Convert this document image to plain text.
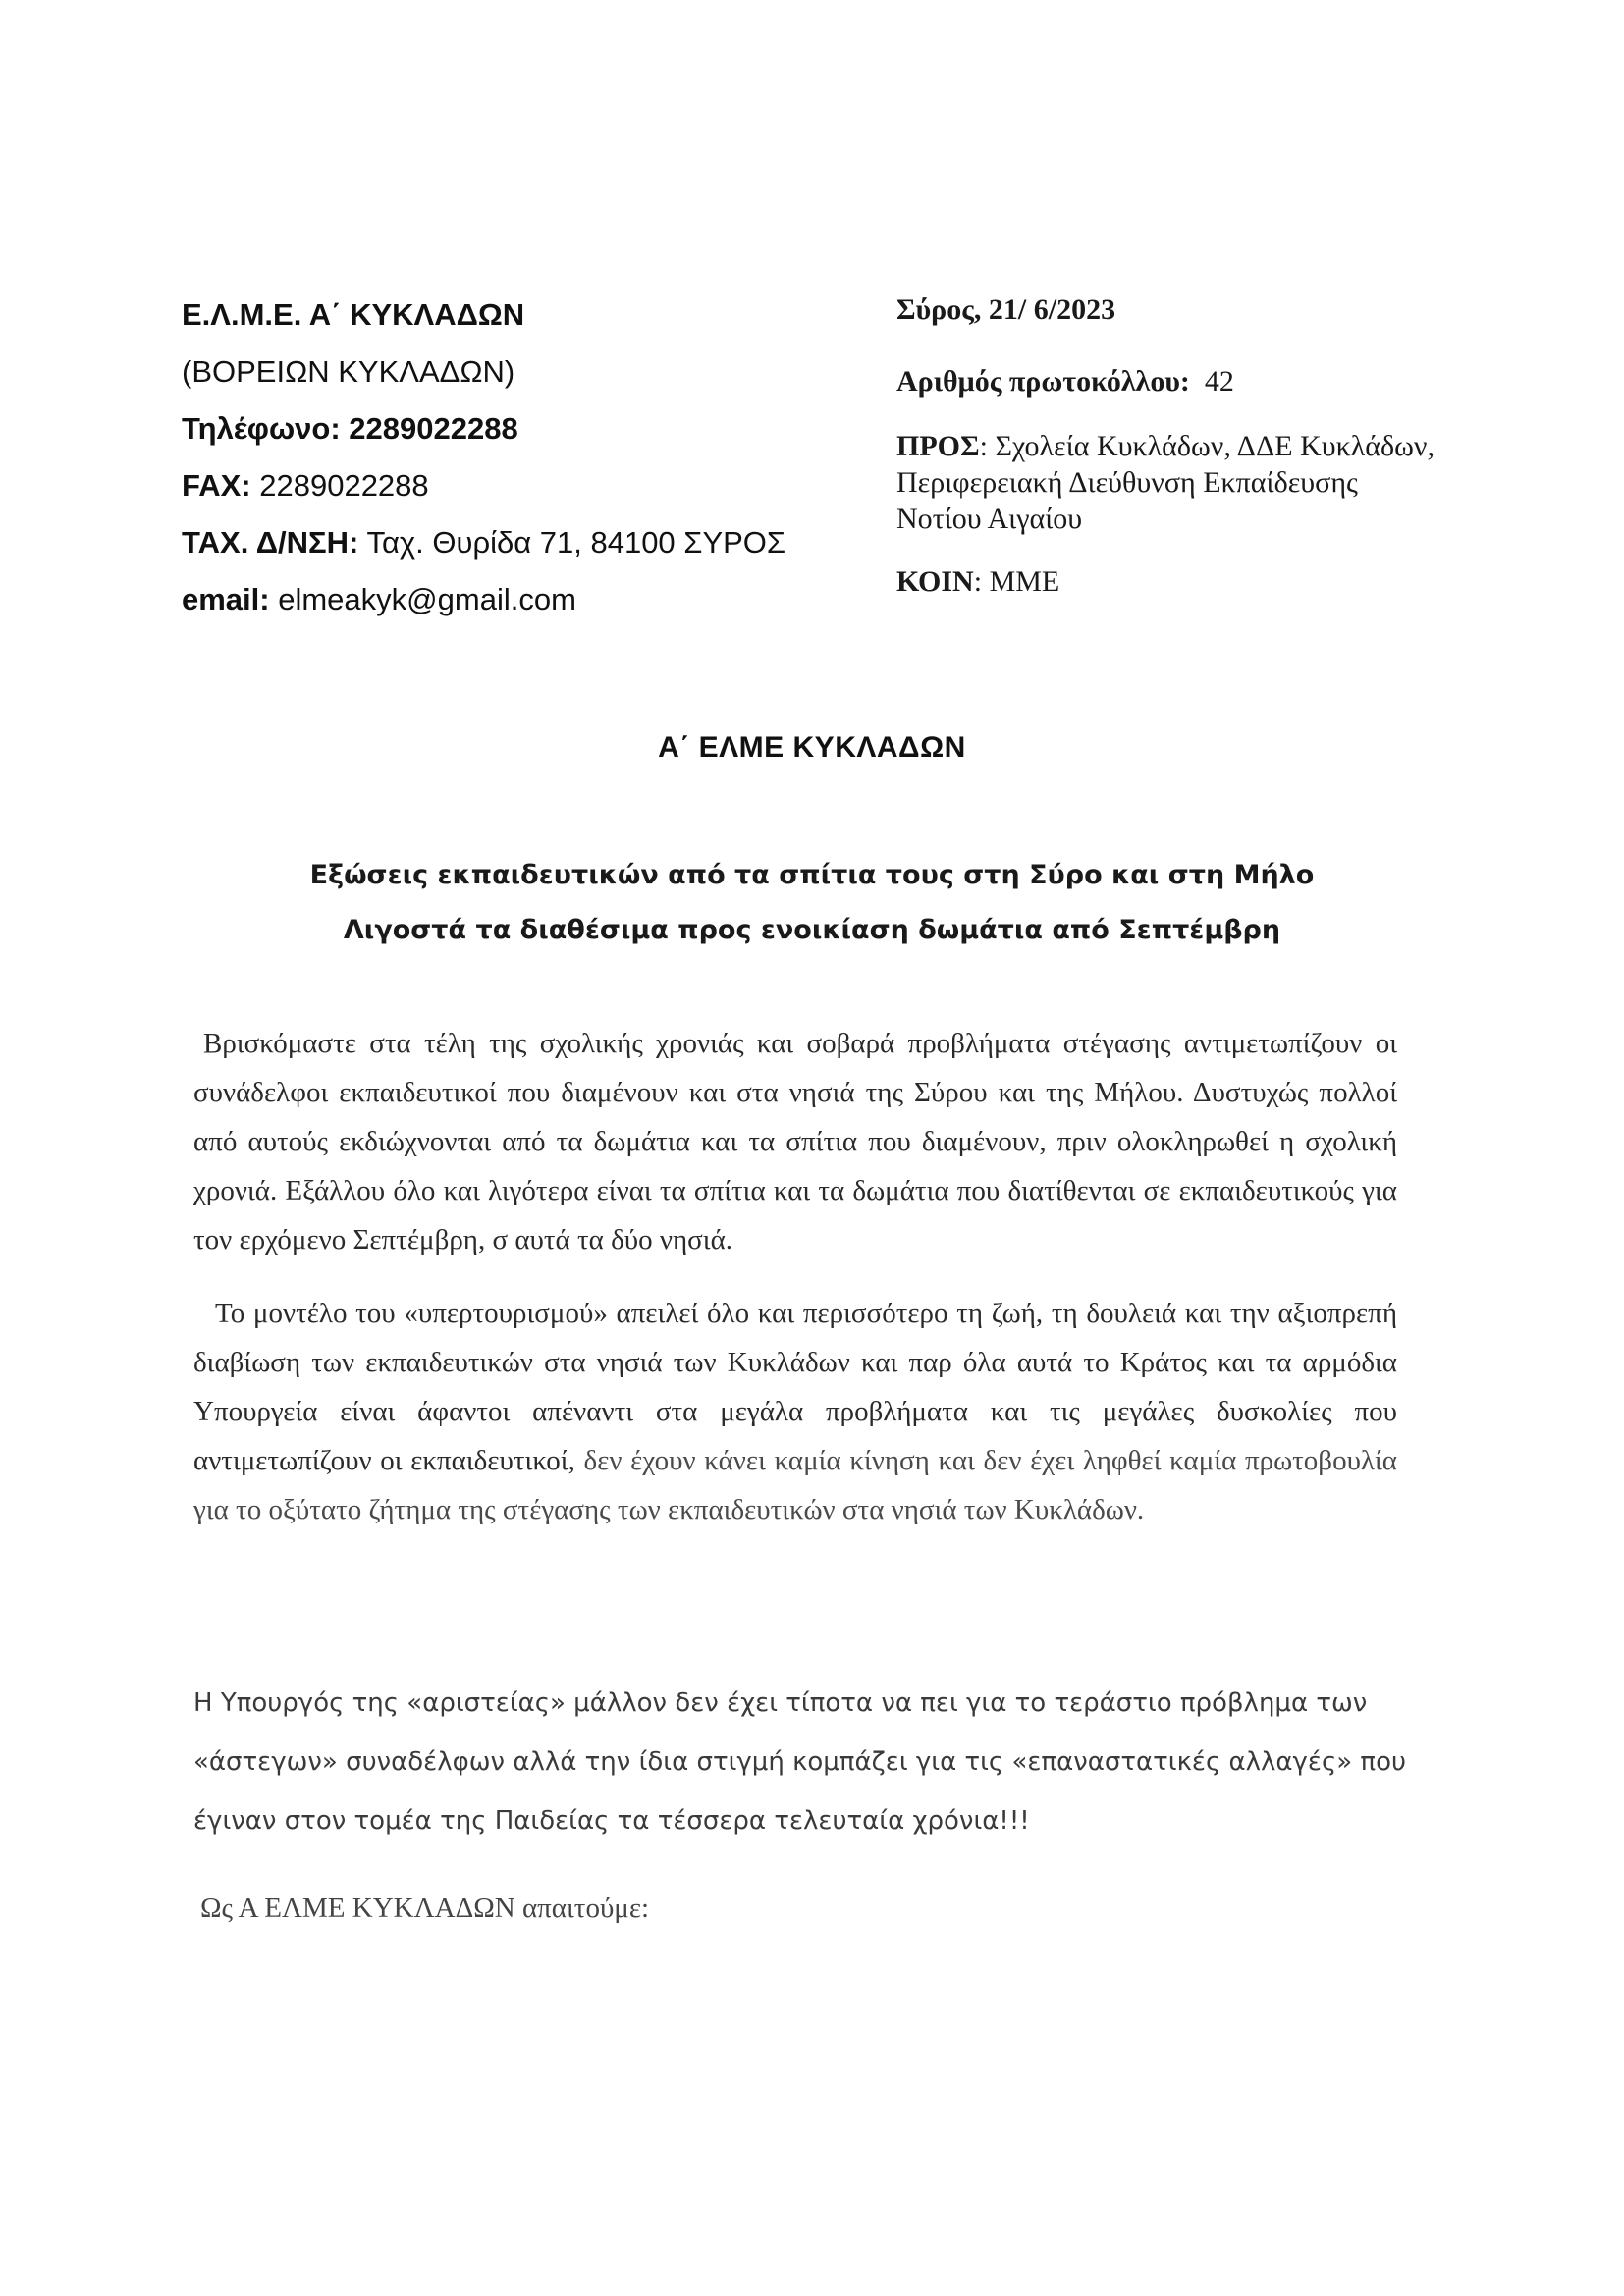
Ε.Λ.Μ.Ε. Α΄ ΚΥΚΛΑΔΩΝ
(ΒΟΡΕΙΩΝ ΚΥΚΛΑΔΩΝ)
Τηλέφωνο: 2289022288
FAX: 2289022288
ΤΑΧ. Δ/ΝΣΗ: Ταχ. Θυρίδα 71, 84100 ΣΥΡΟΣ
email: elmeakyk@gmail.com
Σύρος, 21/ 6/2023
Αριθμός πρωτοκόλλου: 42
ΠΡΟΣ: Σχολεία Κυκλάδων, ΔΔΕ Κυκλάδων, Περιφερειακή Διεύθυνση Εκπαίδευσης Νοτίου Αιγαίου
ΚΟΙΝ: ΜΜΕ
Α΄ ΕΛΜΕ ΚΥΚΛΑΔΩΝ
Εξώσεις εκπαιδευτικών από τα σπίτια τους στη Σύρο και στη Μήλο
Λιγοστά τα διαθέσιμα προς ενοικίαση δωμάτια από Σεπτέμβρη

Βρισκόμαστε στα τέλη της σχολικής χρονιάς και σοβαρά προβλήματα στέγασης αντιμετωπίζουν οι συνάδελφοι εκπαιδευτικοί που διαμένουν και στα νησιά της Σύρου και της Μήλου. Δυστυχώς πολλοί από αυτούς εκδιώχνονται από τα δωμάτια και τα σπίτια που διαμένουν, πριν ολοκληρωθεί η σχολική χρονιά. Εξάλλου όλο και λιγότερα είναι τα σπίτια και τα δωμάτια που διατίθενται σε εκπαιδευτικούς για τον ερχόμενο Σεπτέμβρη, σ αυτά τα δύο νησιά.

Το μοντέλο του «υπερτουρισμού» απειλεί όλο και περισσότερο τη ζωή, τη δουλειά και την αξιοπρεπή διαβίωση των εκπαιδευτικών στα νησιά των Κυκλάδων και παρ όλα αυτά το Κράτος και τα αρμόδια Υπουργεία είναι άφαντοι απέναντι στα μεγάλα προβλήματα και τις μεγάλες δυσκολίες που αντιμετωπίζουν οι εκπαιδευτικοί, δεν έχουν κάνει καμία κίνηση και δεν έχει ληφθεί καμία πρωτοβουλία για το οξύτατο ζήτημα της στέγασης των εκπαιδευτικών στα νησιά των Κυκλάδων.

Η Υπουργός της «αριστείας» μάλλον δεν έχει τίποτα να πει για το τεράστιο πρόβλημα των
«άστεγων» συναδέλφων αλλά την ίδια στιγμή κομπάζει για τις «επαναστατικές αλλαγές» που
έγιναν στον τομέα της Παιδείας τα τέσσερα τελευταία χρόνια!!!
Ως Α ΕΛΜΕ ΚΥΚΛΑΔΩΝ απαιτούμε:
